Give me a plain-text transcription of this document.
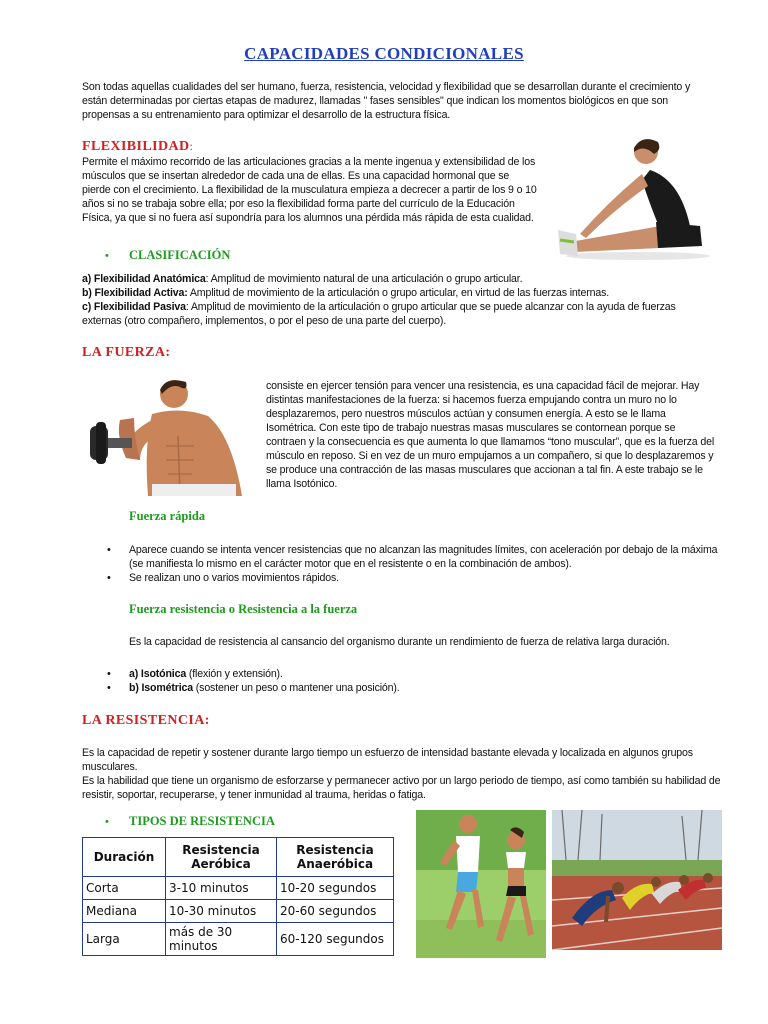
CAPACIDADES CONDICIONALES
Son todas aquellas cualidades del ser humano, fuerza, resistencia, velocidad y flexibilidad que se desarrollan durante el crecimiento y están determinadas por ciertas etapas de madurez, llamadas " fases sensibles" que indican los momentos biológicos en que son propensas a su entrenamiento para optimizar el desarrollo de la estructura física.
FLEXIBILIDAD:
Permite el máximo recorrido de las articulaciones gracias a la mente ingenua y extensibilidad de los músculos que se insertan alrededor de cada una de ellas. Es una capacidad hormonal que se pierde con el crecimiento. La flexibilidad de la musculatura empieza a decrecer a partir de los 9 o 10 años si no se trabaja sobre ella; por eso la flexibilidad forma parte del currículo de la Educación Física, ya que si no fuera así supondría para los alumnos una pérdida más rápida de esta cualidad.
• CLASIFICACIÓN
a) Flexibilidad Anatómica: Amplitud de movimiento natural de una articulación o grupo articular.
b) Flexibilidad Activa: Amplitud de movimiento de la articulación o grupo articular, en virtud de las fuerzas internas.
c) Flexibilidad Pasiva: Amplitud de movimiento de la articulación o grupo articular que se puede alcanzar con la ayuda de fuerzas externas (otro compañero, implementos, o por el peso de una parte del cuerpo).
LA FUERZA:
consiste en ejercer tensión para vencer una resistencia, es una capacidad fácil de mejorar. Hay distintas manifestaciones de la fuerza: si hacemos fuerza empujando contra un muro no lo desplazaremos, pero nuestros músculos actúan y consumen energía. A esto se le llama Isométrica. Con este tipo de trabajo nuestras masas musculares se contornean porque se contraen y la consecuencia es que aumenta lo que llamamos “tono muscular”, que es la fuerza del músculo en reposo. Si en vez de un muro empujamos a un compañero, si que lo desplazaremos y se produce una contracción de las masas musculares que accionan a tal fin. A este trabajo se le llama Isotónico.
Fuerza rápida
• Aparece cuando se intenta vencer resistencias que no alcanzan las magnitudes límites, con aceleración por debajo de la máxima (se manifiesta lo mismo en el carácter motor que en el resistente o en la combinación de ambos).
• Se realizan uno o varios movimientos rápidos.
Fuerza resistencia o Resistencia a la fuerza
Es la capacidad de resistencia al cansancio del organismo durante un rendimiento de fuerza de relativa larga duración.
• a) Isotónica (flexión y extensión).
• b) Isométrica (sostener un peso o mantener una posición).
LA RESISTENCIA:
Es la capacidad de repetir y sostener durante largo tiempo un esfuerzo de intensidad bastante elevada y localizada en algunos grupos musculares.
Es la habilidad que tiene un organismo de esforzarse y permanecer activo por un largo periodo de tiempo, así como también su habilidad de resistir, soportar, recuperarse, y tener inmunidad al trauma, heridas o fatiga.
• TIPOS DE RESISTENCIA
Duración	Resistencia Aeróbica	Resistencia Anaeróbica
Corta	3-10 minutos	10-20 segundos
Mediana	10-30 minutos	20-60 segundos
Larga	más de 30 minutos	60-120 segundos
